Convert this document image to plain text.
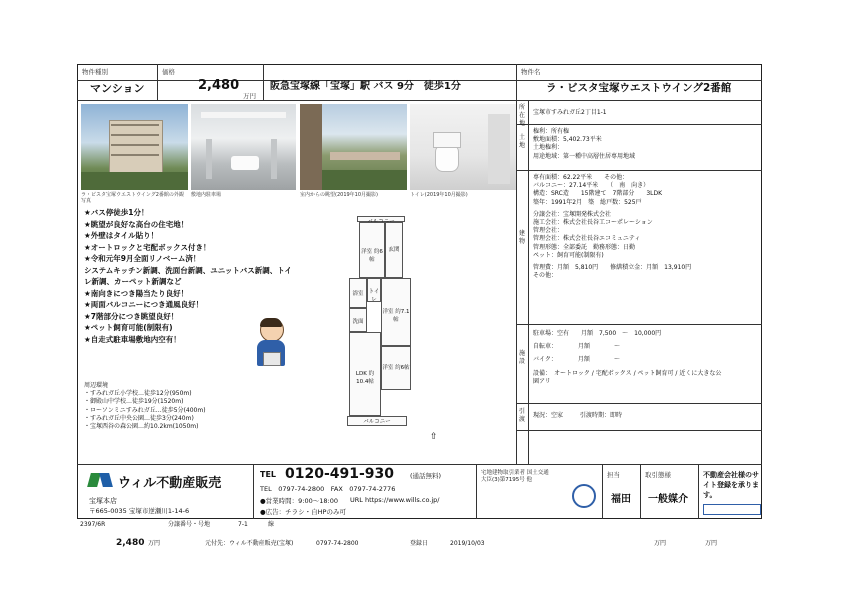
物件種別
マンション
価格
2,480
万円
阪急宝塚線「宝塚」駅 バス 9分　徒歩1分
物件名
ラ・ビスタ宝塚ウエストウイング2番館
ラ・ビスタ宝塚ウエストウイング2番館の外観写真
敷地内駐車場	室内からの眺望(2019年10月撮影)	トイレ(2019年10月撮影)
★バス停徒歩1分！
★眺望が良好な高台の住宅地！
★外壁はタイル貼り！
★オートロックと宅配ボックス付き！
★令和元年9月全面リノベーム済！
システムキッチン新調、洗面台新調、ユニットバス新調、トイ
レ新調、カーペット新調など
★南向きにつき陽当たり良好！
★両面バルコニーにつき通風良好！
★7階部分につき眺望良好！
★ペット飼育可能(制限有)
★自走式駐車場敷地内空有！
周辺環境
・すみれガ丘小学校…徒歩12分(950m)
・御殿山中学校…徒歩19分(1520m)
・ローソンミニすみれガ丘…徒歩5分(400m)
・すみれガ丘中央公園…徒歩3分(240m)
・宝塚西谷の森公園…約10.2km(1050m)
洋室 約6帖
玄関
浴室
洗面
トイレ
洋室 約7.1帖
洋室 約6帖
LDK 約10.4帖
バルコニー
⇧
所在地
宝塚市すみれガ丘2丁目1-1
土地
権利：所有権
敷地面積：5,402.73平米
土地権利：
用途地域：第一種中高層住居専用地域
建物
専有面積：62.22平米　　その他：
バルコニー：27.14平米　　（　南　向き）
構造：SRC造　　15階建て　7階部分　　3LDK
築年：1991年2月　築　総戸数：525戸
分譲会社：宝塚開発株式会社
施工会社：株式会社長谷工コーポレーション
管理会社：
管理会社：株式会社長谷エコミュニティ
管理形態：全部委託　勤務形態：日勤
ペット：飼育可能(制限有)
管理費：月額　5,810円　　修繕積立金：月額　13,910円
その他：
施設
駐車場：空有　　月額　7,500　～　10,000円
自転車：　　　　月額　　　　～
バイク：　　　　月額　　　　～
設備：　オートロック / 宅配ボックス / ペット飼育可 / 近くに大きな公
園アリ
引渡
現況：空家	引渡時期：即時
ウィル不動産販売
宝塚本店
〒665-0035 宝塚市逆瀬川1-14-6
TEL 0120-491-930 (通話無料)
TEL　0797-74-2800　FAX　0797-74-2776
●営業時間：9:00～18:00 URL https://www.wills.co.jp/
●広告：チラシ・自HPのみ可
宅地建物取引業者 国土交通大臣(3)第7195号 他
担当
福田
取引態様
一般媒介
不動産会社様のサイト登録を承ります。
2397/6R	分譲番号・号地	7-1	線
2,480 万円	元付先：ウィル不動産販売(宝塚)	0797-74-2800	登録日	2019/10/03	万円	万円
